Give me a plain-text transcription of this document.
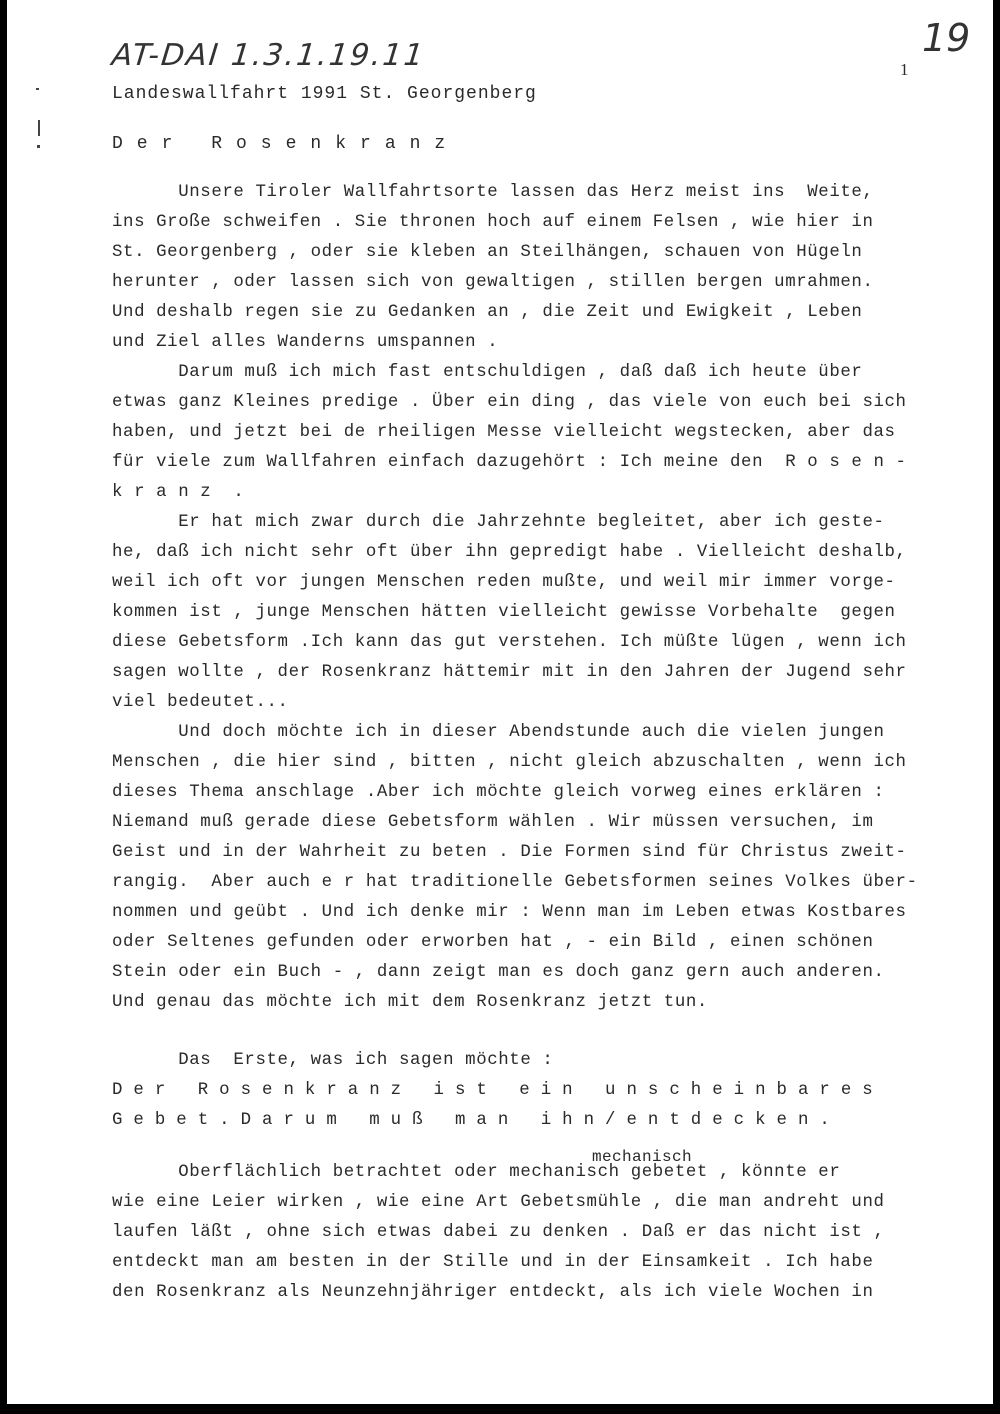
AT-DAI 1.3.1.19.11	19
1
Landeswallfahrt 1991 St. Georgenberg
Der Rosenkranz
Unsere Tiroler Wallfahrtsorte lassen das Herz meist ins  Weite,
ins Große schweifen . Sie thronen hoch auf einem Felsen , wie hier in
St. Georgenberg , oder sie kleben an Steilhängen, schauen von Hügeln
herunter , oder lassen sich von gewaltigen , stillen bergen umrahmen.
Und deshalb regen sie zu Gedanken an , die Zeit und Ewigkeit , Leben
und Ziel alles Wanderns umspannen .
Darum muß ich mich fast entschuldigen , daß daß ich heute über
etwas ganz Kleines predige . Über ein ding , das viele von euch bei sich
haben, und jetzt bei de rheiligen Messe vielleicht wegstecken, aber das
für viele zum Wallfahren einfach dazugehört : Ich meine den  R o s e n -
k r a n z  .
Er hat mich zwar durch die Jahrzehnte begleitet, aber ich geste-
he, daß ich nicht sehr oft über ihn gepredigt habe . Vielleicht deshalb,
weil ich oft vor jungen Menschen reden mußte, und weil mir immer vorge-
kommen ist , junge Menschen hätten vielleicht gewisse Vorbehalte  gegen
diese Gebetsform .Ich kann das gut verstehen. Ich müßte lügen , wenn ich
sagen wollte , der Rosenkranz hättemir mit in den Jahren der Jugend sehr
viel bedeutet...
Und doch möchte ich in dieser Abendstunde auch die vielen jungen
Menschen , die hier sind , bitten , nicht gleich abzuschalten , wenn ich
dieses Thema anschlage .Aber ich möchte gleich vorweg eines erklären :
Niemand muß gerade diese Gebetsform wählen . Wir müssen versuchen, im
Geist und in der Wahrheit zu beten . Die Formen sind für Christus zweit-
rangig.  Aber auch e r hat traditionelle Gebetsformen seines Volkes über-
nommen und geübt . Und ich denke mir : Wenn man im Leben etwas Kostbares
oder Seltenes gefunden oder erworben hat , - ein Bild , einen schönen
Stein oder ein Buch - , dann zeigt man es doch ganz gern auch anderen.
Und genau das möchte ich mit dem Rosenkranz jetzt tun.
Das  Erste, was ich sagen möchte :
Der Rosenkranz ist ein unscheinbares
Gebet.Darum muß man ihn/entdecken.
mechanisch
Oberflächlich betrachtet oder mechanisch gebetet , könnte er
wie eine Leier wirken , wie eine Art Gebetsmühle , die man andreht und
laufen läßt , ohne sich etwas dabei zu denken . Daß er das nicht ist ,
entdeckt man am besten in der Stille und in der Einsamkeit . Ich habe
den Rosenkranz als Neunzehnjähriger entdeckt, als ich viele Wochen in
